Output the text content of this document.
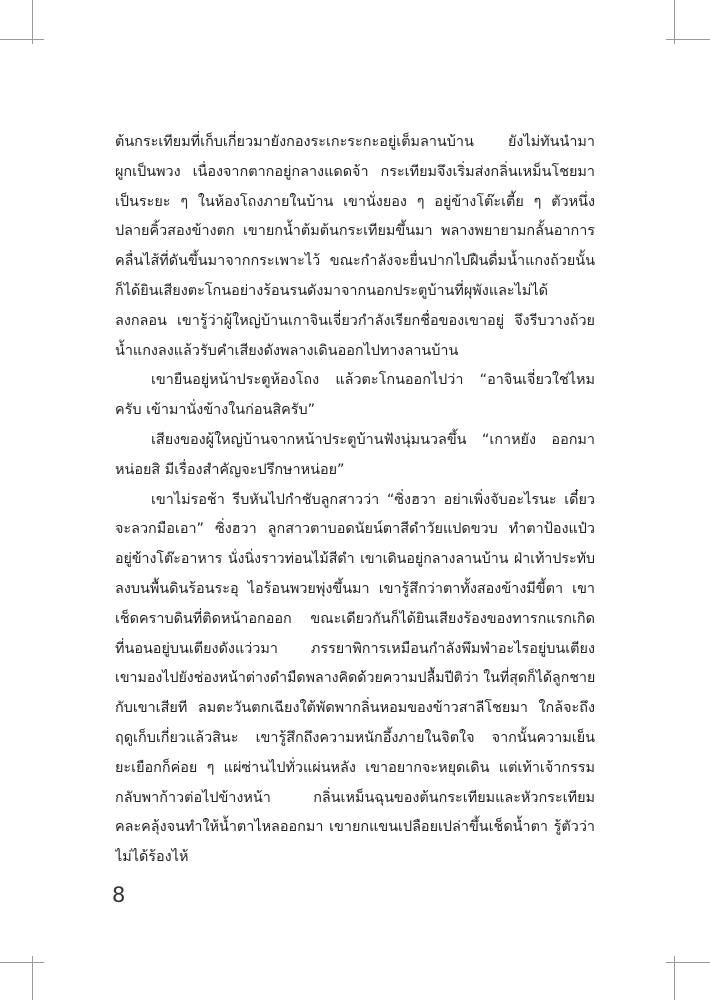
ต้นกระเทียมที่เก็บเกี่ยวมายังกองระเกะระกะอยู่เต็มลานบ้าน ยังไม่ทันนำมา
ผูกเป็นพวง เนื่องจากตากอยู่กลางแดดจ้า กระเทียมจึงเริ่มส่งกลิ่นเหม็นโชยมา
เป็นระยะ ๆ ในห้องโถงภายในบ้าน เขานั่งยอง ๆ อยู่ข้างโต๊ะเตี้ย ๆ ตัวหนึ่ง
ปลายคิ้วสองข้างตก เขายกน้ำต้มต้นกระเทียมขึ้นมา พลางพยายามกลั้นอาการ
คลื่นไส้ที่ดันขึ้นมาจากกระเพาะไว้ ขณะกำลังจะยื่นปากไปฝืนดื่มน้ำแกงถ้วยนั้น
ก็ได้ยินเสียงตะโกนอย่างร้อนรนดังมาจากนอกประตูบ้านที่ผุพังและไม่ได้
ลงกลอน เขารู้ว่าผู้ใหญ่บ้านเกาจินเจี่ยวกำลังเรียกชื่อของเขาอยู่ จึงรีบวางถ้วย
น้ำแกงลงแล้วรับคำเสียงดังพลางเดินออกไปทางลานบ้าน
เขายืนอยู่หน้าประตูห้องโถง แล้วตะโกนออกไปว่า “อาจินเจี่ยวใช่ไหม
ครับ เข้ามานั่งข้างในก่อนสิครับ”
เสียงของผู้ใหญ่บ้านจากหน้าประตูบ้านฟังนุ่มนวลขึ้น “เกาหยัง ออกมา
หน่อยสิ มีเรื่องสำคัญจะปรึกษาหน่อย”
เขาไม่รอช้า รีบหันไปกำชับลูกสาวว่า “ซิ่งฮวา อย่าเพิ่งจับอะไรนะ เดี๋ยว
จะลวกมือเอา” ซิ่งฮวา ลูกสาวตาบอดนัยน์ตาสีดำวัยแปดขวบ ทำตาป้องแป๋ว
อยู่ข้างโต๊ะอาหาร นั่งนิ่งราวท่อนไม้สีดำ เขาเดินอยู่กลางลานบ้าน ฝ่าเท้าประทับ
ลงบนพื้นดินร้อนระอุ ไอร้อนพวยพุ่งขึ้นมา เขารู้สึกว่าตาทั้งสองข้างมีขี้ตา เขา
เช็ดคราบดินที่ติดหน้าอกออก ขณะเดียวกันก็ได้ยินเสียงร้องของทารกแรกเกิด
ที่นอนอยู่บนเตียงดังแว่วมา ภรรยาพิการเหมือนกำลังพึมพำอะไรอยู่บนเตียง
เขามองไปยังช่องหน้าต่างดำมืดพลางคิดด้วยความปลื้มปีติว่า ในที่สุดก็ได้ลูกชาย
กับเขาเสียที ลมตะวันตกเฉียงใต้พัดพากลิ่นหอมของข้าวสาลีโชยมา ใกล้จะถึง
ฤดูเก็บเกี่ยวแล้วสินะ เขารู้สึกถึงความหนักอึ้งภายในจิตใจ จากนั้นความเย็น
ยะเยือกก็ค่อย ๆ แผ่ซ่านไปทั่วแผ่นหลัง เขาอยากจะหยุดเดิน แต่เท้าเจ้ากรรม
กลับพาก้าวต่อไปข้างหน้า กลิ่นเหม็นฉุนของต้นกระเทียมและหัวกระเทียม
คละคลุ้งจนทำให้น้ำตาไหลออกมา เขายกแขนเปลือยเปล่าขึ้นเช็ดน้ำตา รู้ตัวว่า
ไม่ได้ร้องไห้
8
